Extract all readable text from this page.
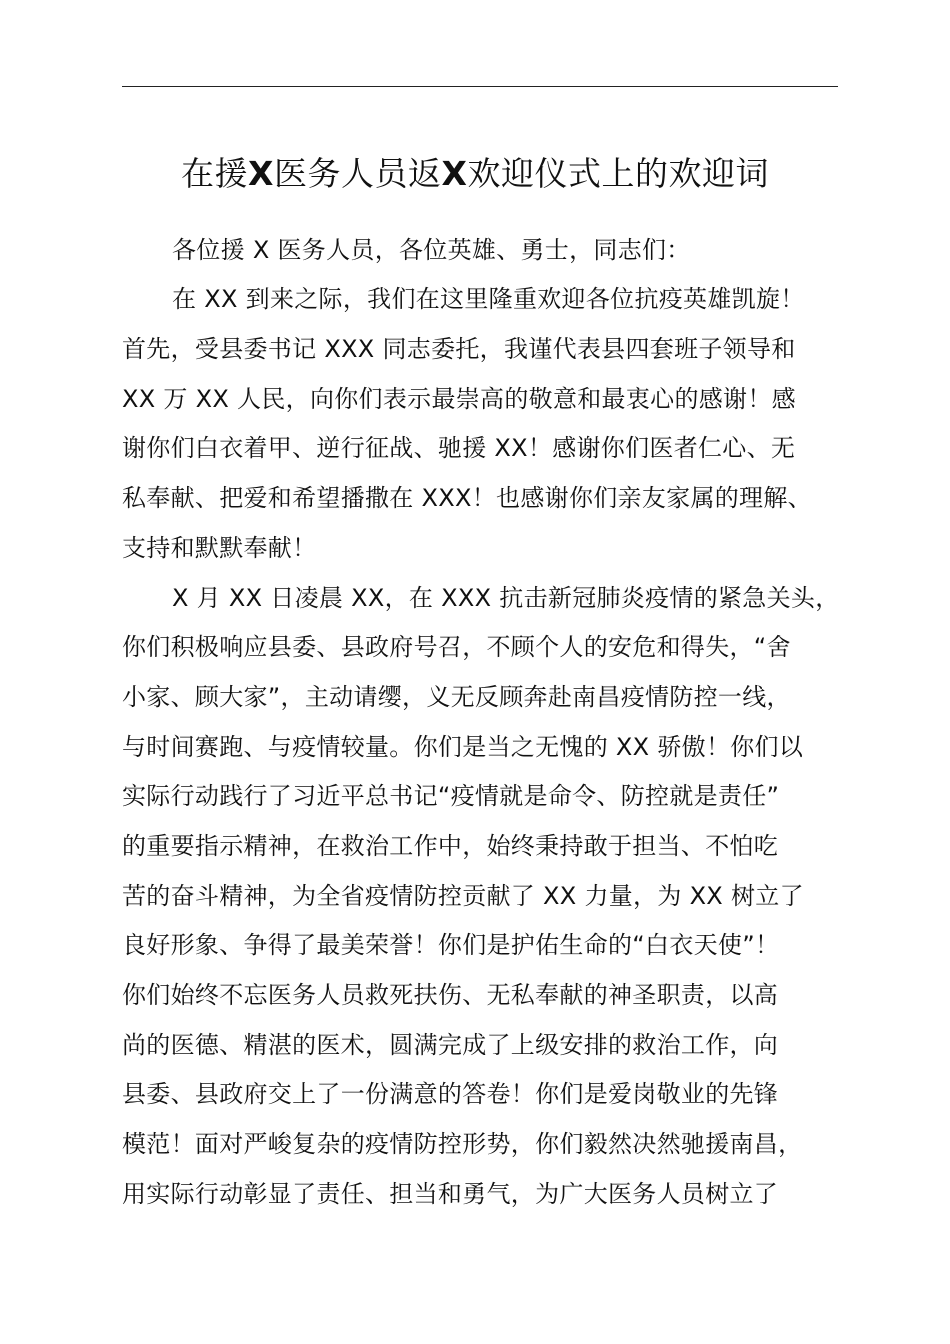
在援X医务人员返X欢迎仪式上的欢迎词
各位援 X 医务人员，各位英雄、勇士，同志们：
在 XX 到来之际，我们在这里隆重欢迎各位抗疫英雄凯旋！
首先，受县委书记 XXX 同志委托，我谨代表县四套班子领导和
XX 万 XX 人民，向你们表示最崇高的敬意和最衷心的感谢！感
谢你们白衣着甲、逆行征战、驰援 XX！感谢你们医者仁心、无
私奉献、把爱和希望播撒在 XXX！也感谢你们亲友家属的理解、
支持和默默奉献！
X 月 XX 日凌晨 XX，在 XXX 抗击新冠肺炎疫情的紧急关头，
你们积极响应县委、县政府号召，不顾个人的安危和得失，“舍
小家、顾大家”，主动请缨，义无反顾奔赴南昌疫情防控一线，
与时间赛跑、与疫情较量。你们是当之无愧的 XX 骄傲！你们以
实际行动践行了习近平总书记“疫情就是命令、防控就是责任”
的重要指示精神，在救治工作中，始终秉持敢于担当、不怕吃
苦的奋斗精神，为全省疫情防控贡献了 XX 力量，为 XX 树立了
良好形象、争得了最美荣誉！你们是护佑生命的“白衣天使”！
你们始终不忘医务人员救死扶伤、无私奉献的神圣职责，以高
尚的医德、精湛的医术，圆满完成了上级安排的救治工作，向
县委、县政府交上了一份满意的答卷！你们是爱岗敬业的先锋
模范！面对严峻复杂的疫情防控形势，你们毅然决然驰援南昌，
用实际行动彰显了责任、担当和勇气，为广大医务人员树立了
